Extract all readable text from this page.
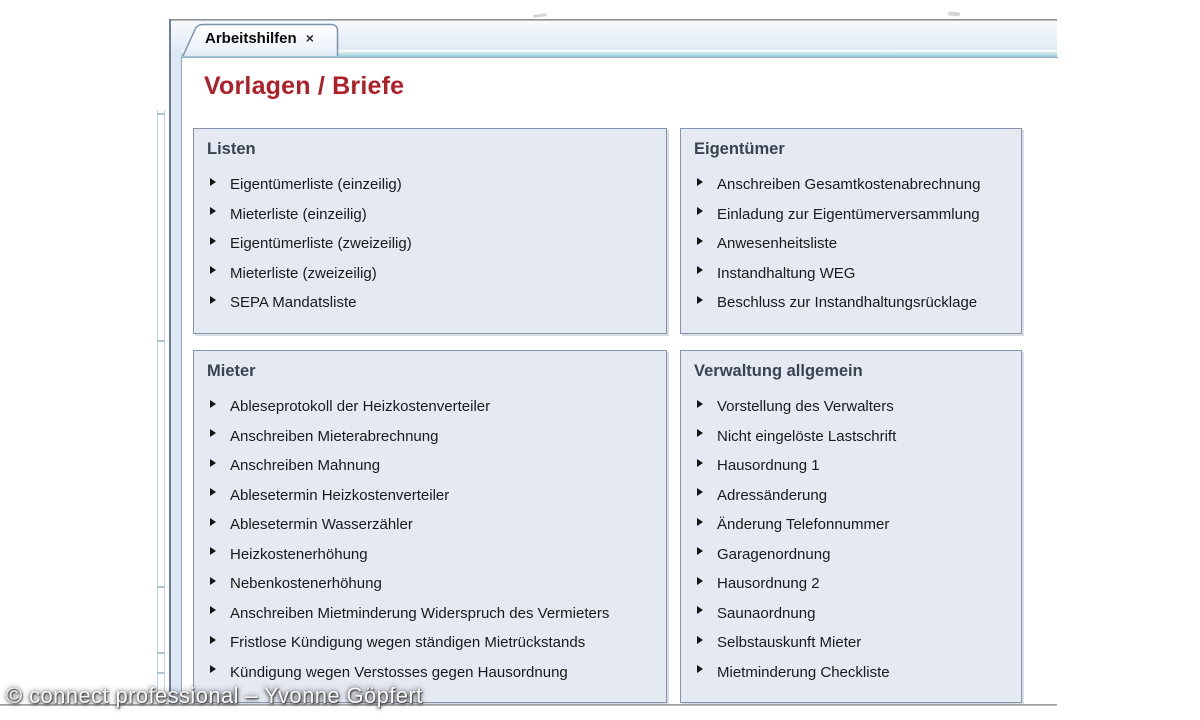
Arbeitshilfen ×
Vorlagen / Briefe
Listen
Eigentümerliste (einzeilig)
Mieterliste (einzeilig)
Eigentümerliste (zweizeilig)
Mieterliste (zweizeilig)
SEPA Mandatsliste
Eigentümer
Anschreiben Gesamtkostenabrechnung
Einladung zur Eigentümerversammlung
Anwesenheitsliste
Instandhaltung WEG
Beschluss zur Instandhaltungsrücklage
Mieter
Ableseprotokoll der Heizkostenverteiler
Anschreiben Mieterabrechnung
Anschreiben Mahnung
Ablesetermin Heizkostenverteiler
Ablesetermin Wasserzähler
Heizkostenerhöhung
Nebenkostenerhöhung
Anschreiben Mietminderung Widerspruch des Vermieters
Fristlose Kündigung wegen ständigen Mietrückstands
Kündigung wegen Verstosses gegen Hausordnung
Verwaltung allgemein
Vorstellung des Verwalters
Nicht eingelöste Lastschrift
Hausordnung 1
Adressänderung
Änderung Telefonnummer
Garagenordnung
Hausordnung 2
Saunaordnung
Selbstauskunft Mieter
Mietminderung Checkliste
© connect professional – Yvonne Göpfert
